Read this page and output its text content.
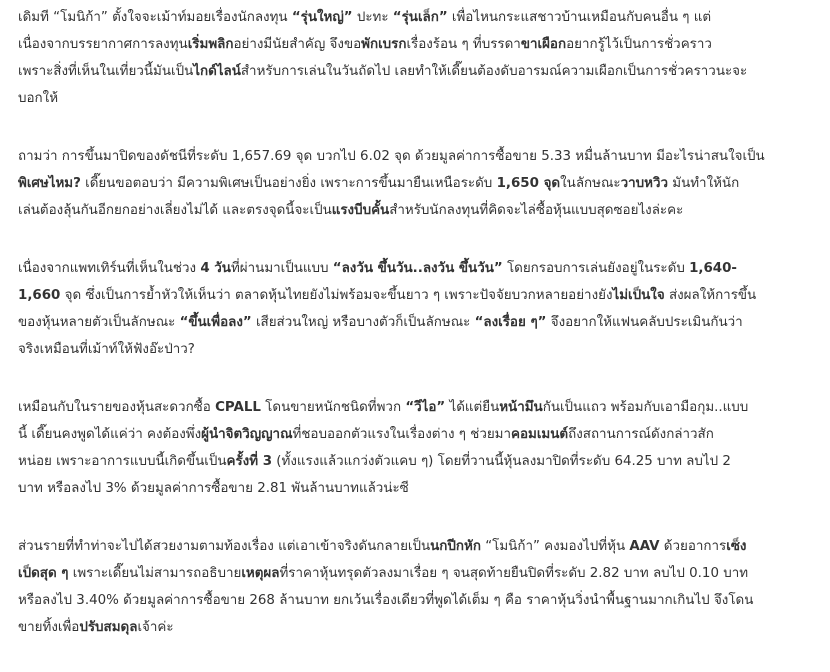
เดิมที “โมนิก้า” ตั้งใจจะเม้าท์มอยเรื่องนักลงทุน “รุ่นใหญ่” ปะทะ “รุ่นเล็ก” เพื่อไหนกระแสชาวบ้านเหมือนกับคนอื่น ๆ แต่
เนื่องจากบรรยากาศการลงทุนเริ่มพลิกอย่างมีนัยสำคัญ จึงขอพักเบรกเรื่องร้อน ๆ ที่บรรดาขาเผือกอยากรู้ไว้เป็นการชั่วคราว
เพราะสิ่งที่เห็นในเที่ยวนี้มันเป็นไกด์ไลน์สำหรับการเล่นในวันถัดไป เลยทำให้เดี๊ยนต้องดับอารมณ์ความเผือกเป็นการชั่วคราวนะจะ
บอกให้

ถามว่า การขึ้นมาปิดของดัชนีที่ระดับ 1,657.69 จุด บวกไป 6.02 จุด ด้วยมูลค่าการซื้อขาย 5.33 หมื่นล้านบาท มีอะไรน่าสนใจเป็น
พิเศษไหม? เดี๊ยนขอตอบว่า มีความพิเศษเป็นอย่างยิ่ง เพราะการขึ้นมายืนเหนือระดับ 1,650 จุดในลักษณะวาบหวิว มันทำให้นัก
เล่นต้องลุ้นกันอีกยกอย่างเลี่ยงไม่ได้ และตรงจุดนี้จะเป็นแรงบีบคั้นสำหรับนักลงทุนที่คิดจะไล่ซื้อหุ้นแบบสุดซอยไงล่ะคะ

เนื่องจากแพทเทิร์นที่เห็นในช่วง 4 วันที่ผ่านมาเป็นแบบ “ลงวัน ขึ้นวัน..ลงวัน ขึ้นวัน” โดยกรอบการเล่นยังอยู่ในระดับ 1,640-
1,660 จุด ซึ่งเป็นการย้ำหัวให้เห็นว่า ตลาดหุ้นไทยยังไม่พร้อมจะขึ้นยาว ๆ เพราะปัจจัยบวกหลายอย่างยังไม่เป็นใจ ส่งผลให้การขึ้น
ของหุ้นหลายตัวเป็นลักษณะ “ขึ้นเพื่อลง” เสียส่วนใหญ่ หรือบางตัวก็เป็นลักษณะ “ลงเรื่อย ๆ” จึงอยากให้แฟนคลับประเมินกันว่า
จริงเหมือนที่เม้าท์ให้ฟังอ๊ะป่าว?

เหมือนกับในรายของหุ้นสะดวกซื้อ CPALL โดนขายหนักชนิดที่พวก “วีไอ” ได้แต่ยืนหน้ามึนกันเป็นแถว พร้อมกับเอามือกุม..แบบ
นี้ เดี๊ยนคงพูดได้แค่ว่า คงต้องพึ่งผู้นำจิตวิญญาณที่ชอบออกตัวแรงในเรื่องต่าง ๆ ช่วยมาคอมเมนต์ถึงสถานการณ์ดังกล่าวสัก
หน่อย เพราะอาการแบบนี้เกิดขึ้นเป็นครั้งที่ 3 (ทั้งแรงแล้วแกว่งตัวแคบ ๆ) โดยที่วานนี้หุ้นลงมาปิดที่ระดับ 64.25 บาท ลบไป 2
บาท หรือลงไป 3% ด้วยมูลค่าการซื้อขาย 2.81 พันล้านบาทแล้วน่ะซี

ส่วนรายที่ทำท่าจะไปได้สวยงามตามท้องเรื่อง แต่เอาเข้าจริงดันกลายเป็นนกปีกหัก “โมนิก้า” คงมองไปที่หุ้น AAV ด้วยอาการเซ็ง
เป็ดสุด ๆ เพราะเดี๊ยนไม่สามารถอธิบายเหตุผลที่ราคาหุ้นทรุดตัวลงมาเรื่อย ๆ จนสุดท้ายยืนปิดที่ระดับ 2.82 บาท ลบไป 0.10 บาท
หรือลงไป 3.40% ด้วยมูลค่าการซื้อขาย 268 ล้านบาท ยกเว้นเรื่องเดียวที่พูดได้เต็ม ๆ คือ ราคาหุ้นวิ่งนำพื้นฐานมากเกินไป จึงโดน
ขายทิ้งเพื่อปรับสมดุลเจ้าค่ะ
